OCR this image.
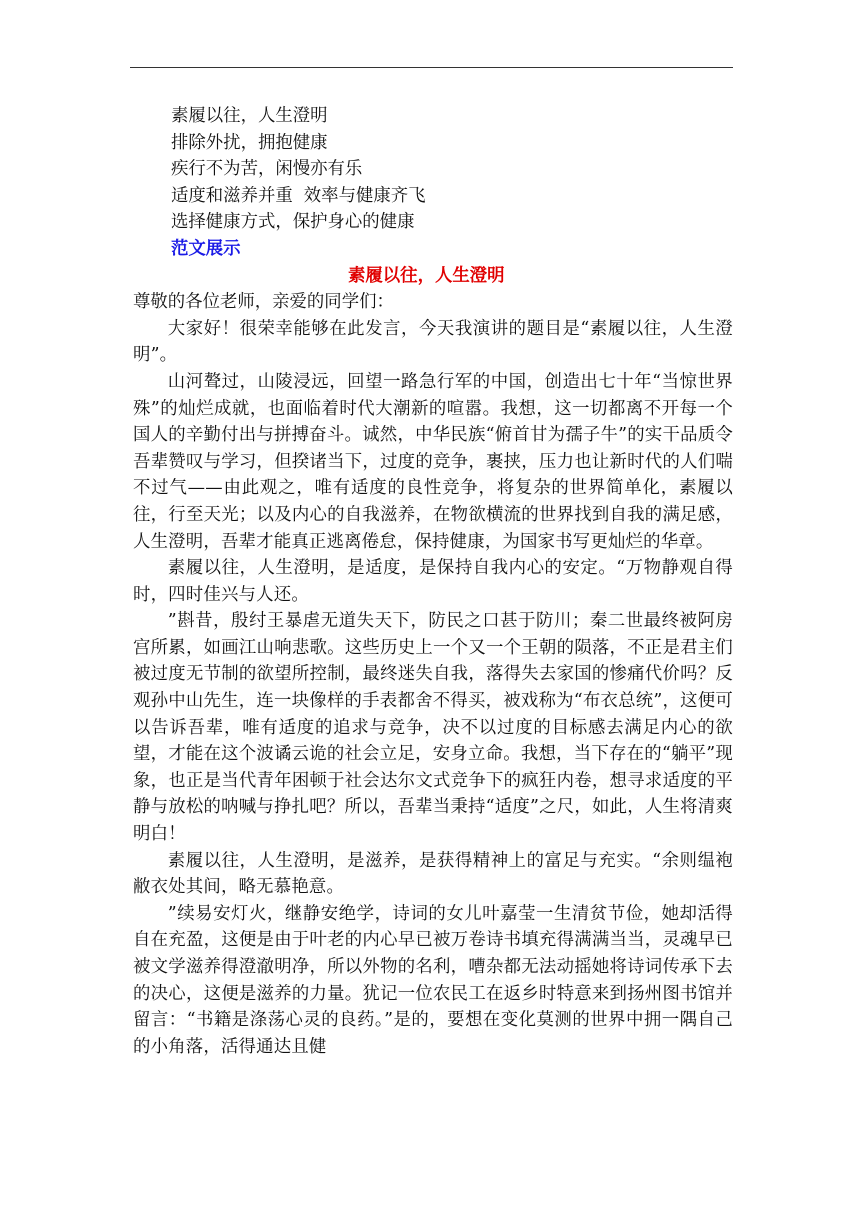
素履以往，人生澄明
排除外扰，拥抱健康
疾行不为苦，闲慢亦有乐
适度和滋养并重  效率与健康齐飞
选择健康方式，保护身心的健康
范文展示
素履以往，人生澄明
尊敬的各位老师，亲爱的同学们：

大家好！很荣幸能够在此发言，今天我演讲的题目是“素履以往，人生澄明”。

山河聱过，山陵浸远，回望一路急行军的中国，创造出七十年“当惊世界殊”的灿烂成就，也面临着时代大潮新的喧嚣。我想，这一切都离不开每一个国人的辛勤付出与拼搏奋斗。诚然，中华民族“俯首甘为孺子牛”的实干品质令吾辈赞叹与学习，但揆诸当下，过度的竞争，裹挟，压力也让新时代的人们喘不过气——由此观之，唯有适度的良性竞争，将复杂的世界简单化，素履以往，行至天光；以及内心的自我滋养，在物欲横流的世界找到自我的满足感，人生澄明，吾辈才能真正逃离倦怠，保持健康，为国家书写更灿烂的华章。

素履以往，人生澄明，是适度，是保持自我内心的安定。“万物静观自得时，四时佳兴与人还。

”斟昔，殷纣王暴虐无道失天下，防民之口甚于防川；秦二世最终被阿房宫所累，如画江山响悲歌。这些历史上一个又一个王朝的陨落，不正是君主们被过度无节制的欲望所控制，最终迷失自我，落得失去家国的惨痛代价吗？反观孙中山先生，连一块像样的手表都舍不得买，被戏称为“布衣总统”，这便可以告诉吾辈，唯有适度的追求与竞争，决不以过度的目标感去满足内心的欲望，才能在这个波谲云诡的社会立足，安身立命。我想，当下存在的“躺平”现象，也正是当代青年困顿于社会达尔文式竞争下的疯狂内卷，想寻求适度的平静与放松的呐喊与挣扎吧？所以，吾辈当秉持“适度”之尺，如此，人生将清爽明白！

素履以往，人生澄明，是滋养，是获得精神上的富足与充实。“余则缊袍敝衣处其间，略无慕艳意。

”续易安灯火，继静安绝学，诗词的女儿叶嘉莹一生清贫节俭，她却活得自在充盈，这便是由于叶老的内心早已被万卷诗书填充得满满当当，灵魂早已被文学滋养得澄澈明净，所以外物的名利，嘈杂都无法动摇她将诗词传承下去的决心，这便是滋养的力量。犹记一位农民工在返乡时特意来到扬州图书馆并留言：“书籍是涤荡心灵的良药。”是的，要想在变化莫测的世界中拥一隅自己的小角落，活得通达且健
